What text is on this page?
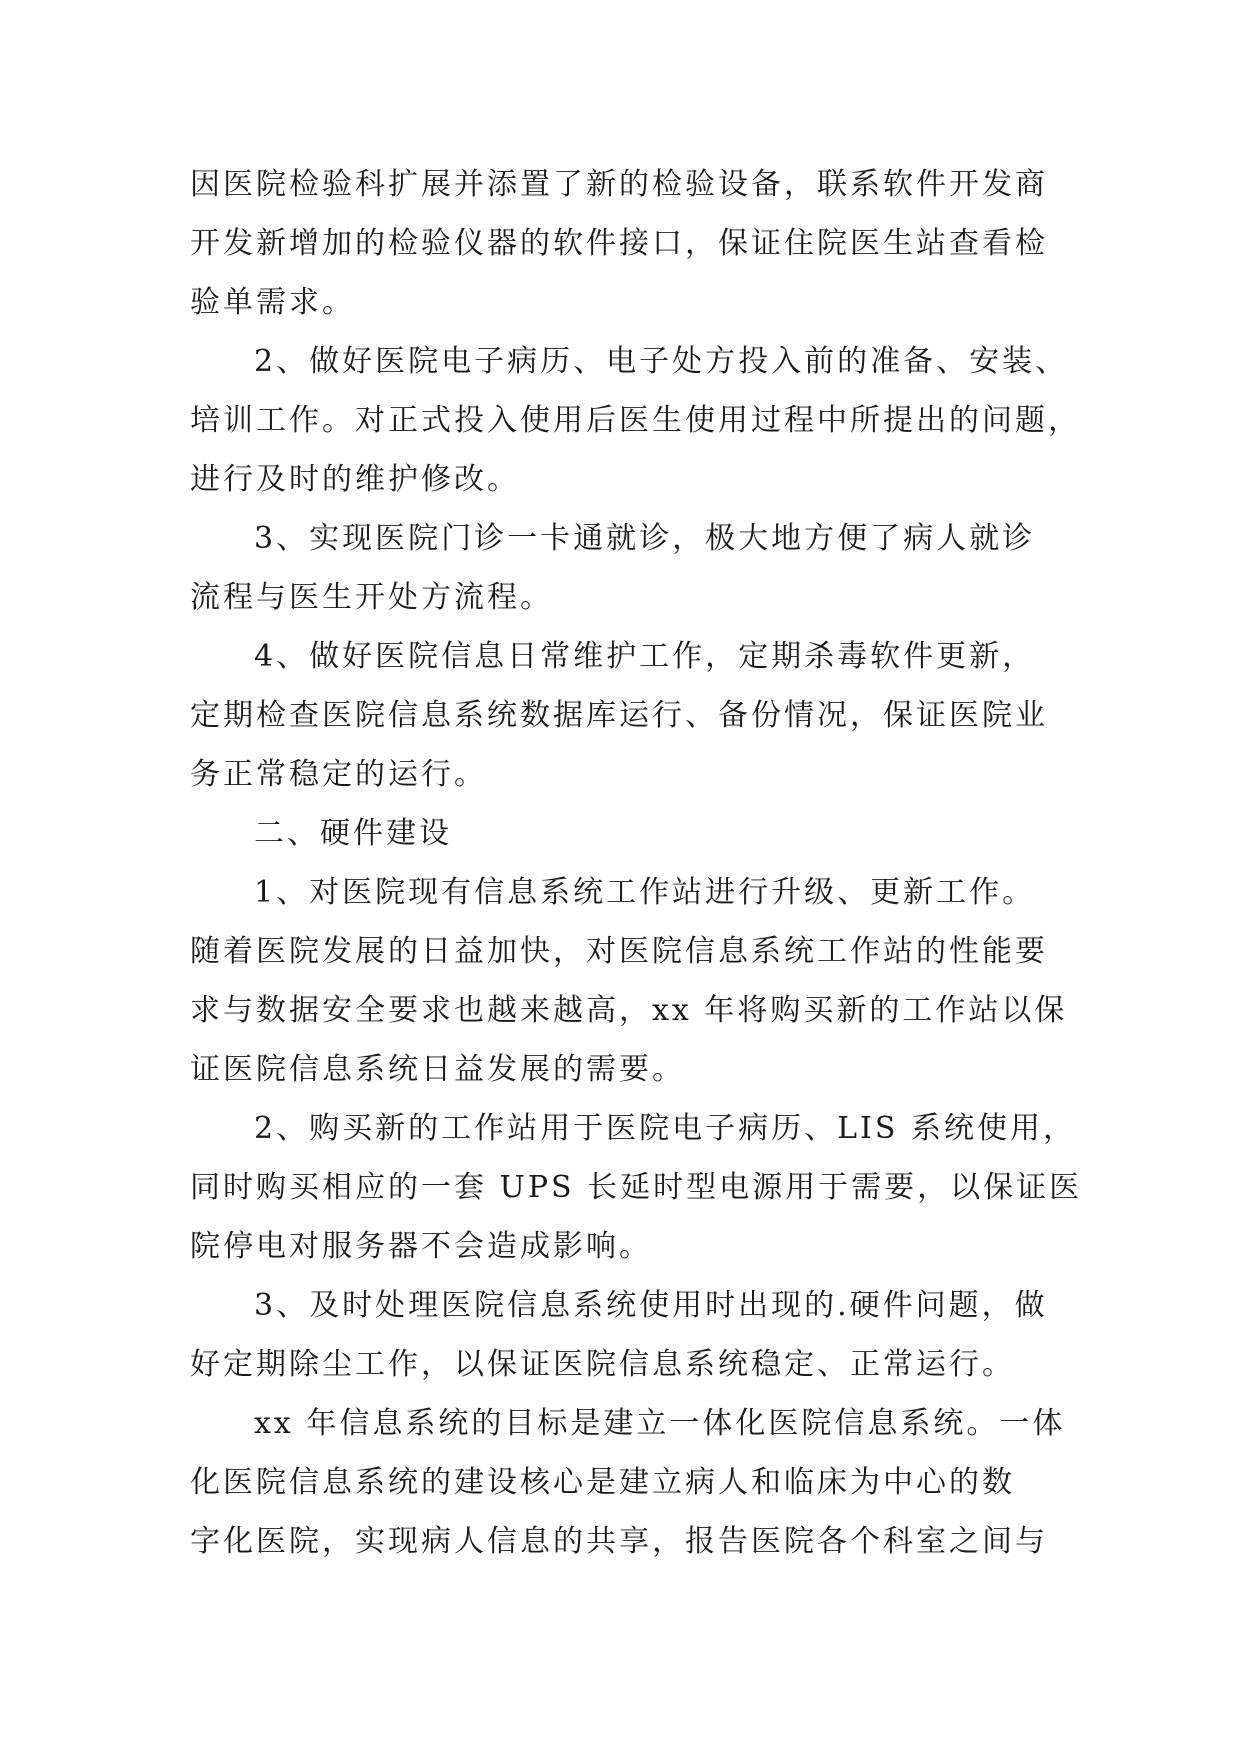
因医院检验科扩展并添置了新的检验设备，联系软件开发商
开发新增加的检验仪器的软件接口，保证住院医生站查看检
验单需求。
2、做好医院电子病历、电子处方投入前的准备、安装、
培训工作。对正式投入使用后医生使用过程中所提出的问题，
进行及时的维护修改。
3、实现医院门诊一卡通就诊，极大地方便了病人就诊
流程与医生开处方流程。
4、做好医院信息日常维护工作，定期杀毒软件更新，
定期检查医院信息系统数据库运行、备份情况，保证医院业
务正常稳定的运行。
二、硬件建设
1、对医院现有信息系统工作站进行升级、更新工作。
随着医院发展的日益加快，对医院信息系统工作站的性能要
求与数据安全要求也越来越高，xx 年将购买新的工作站以保
证医院信息系统日益发展的需要。
2、购买新的工作站用于医院电子病历、LIS 系统使用，
同时购买相应的一套 UPS 长延时型电源用于需要，以保证医
院停电对服务器不会造成影响。
3、及时处理医院信息系统使用时出现的.硬件问题，做
好定期除尘工作，以保证医院信息系统稳定、正常运行。
xx 年信息系统的目标是建立一体化医院信息系统。一体
化医院信息系统的建设核心是建立病人和临床为中心的数
字化医院，实现病人信息的共享，报告医院各个科室之间与
